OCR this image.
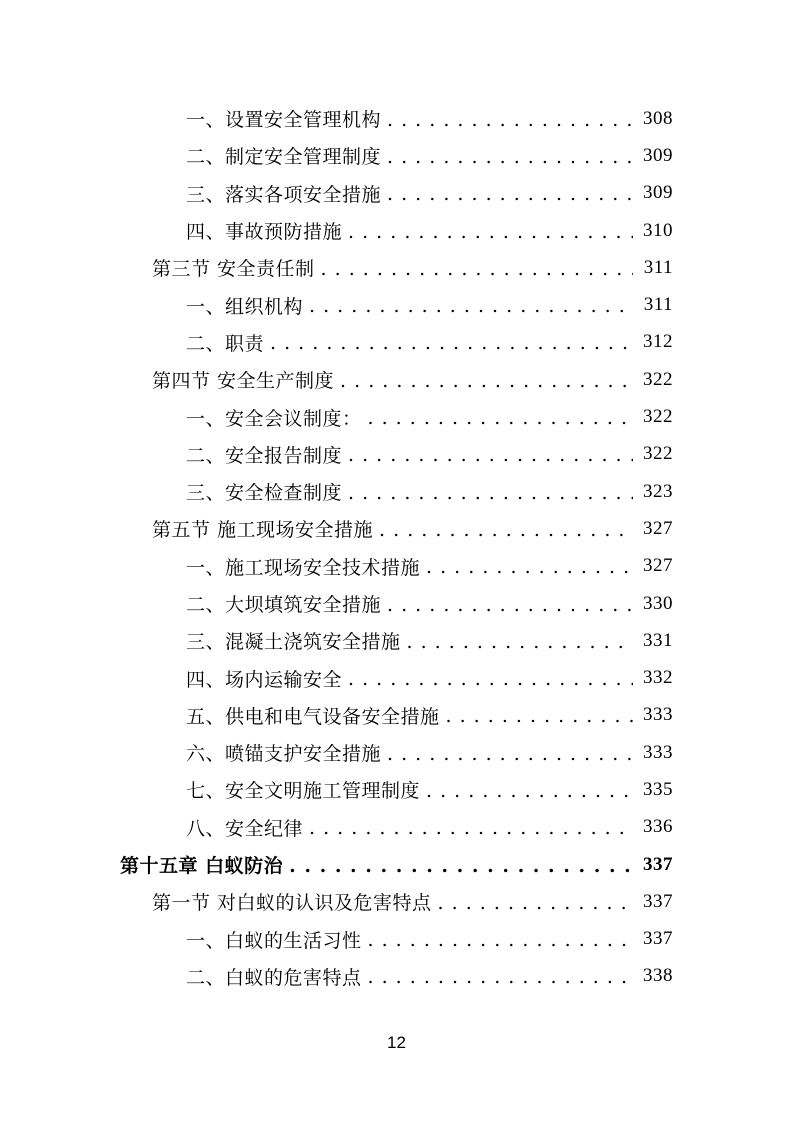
一、设置安全管理机构 . . .	308
二、制定安全管理制度 . . .	309
三、落实各项安全措施 . . .	309
四、事故预防措施 . . .	310
第三节 安全责任制 . . .	311
一、组织机构 . . .	311
二、职责 . . .	312
第四节 安全生产制度 . . .	322
一、安全会议制度： . . .	322
二、安全报告制度 . . .	322
三、安全检查制度 . . .	323
第五节 施工现场安全措施 . . .	327
一、施工现场安全技术措施 . . .	327
二、大坝填筑安全措施 . . .	330
三、混凝土浇筑安全措施 . . .	331
四、场内运输安全 . . .	332
五、供电和电气设备安全措施 . . .	333
六、喷锚支护安全措施 . . .	333
七、安全文明施工管理制度 . . .	335
八、安全纪律 . . .	336
第十五章 白蚁防治 . . .	337
第一节 对白蚁的认识及危害特点 . . .	337
一、白蚁的生活习性 . . .	337
二、白蚁的危害特点 . . .	338
12
